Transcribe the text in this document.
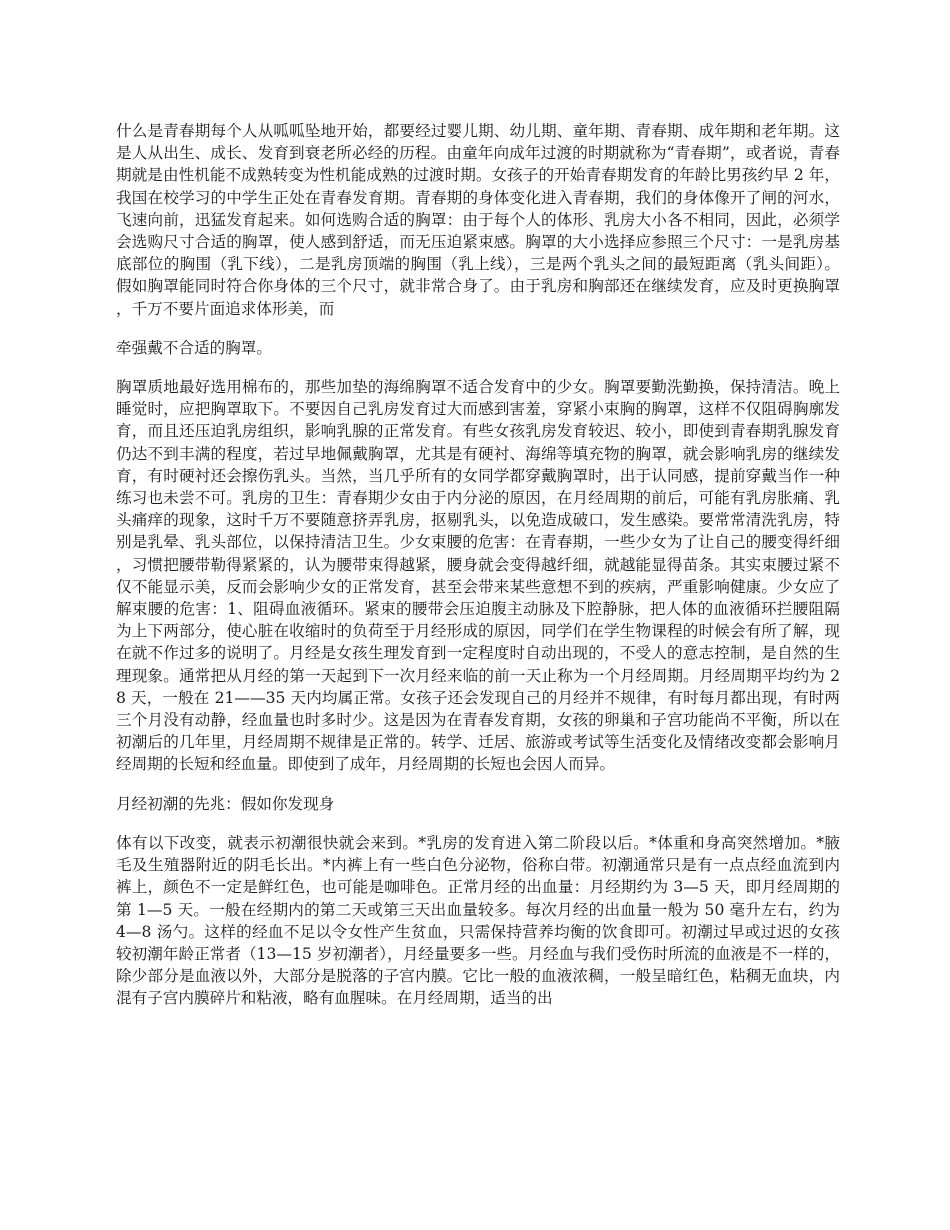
什么是青春期每个人从呱呱坠地开始，都要经过婴儿期、幼儿期、童年期、青春期、成年期和老年期。这是人从出生、成长、发育到衰老所必经的历程。由童年向成年过渡的时期就称为“青春期”，或者说，青春期就是由性机能不成熟转变为性机能成熟的过渡时期。女孩子的开始青春期发育的年龄比男孩约早 2 年，我国在校学习的中学生正处在青春发育期。青春期的身体变化进入青春期，我们的身体像开了闸的河水，飞速向前，迅猛发育起来。如何选购合适的胸罩：由于每个人的体形、乳房大小各不相同，因此，必须学会选购尺寸合适的胸罩，使人感到舒适，而无压迫紧束感。胸罩的大小选择应参照三个尺寸：一是乳房基底部位的胸围（乳下线），二是乳房顶端的胸围（乳上线），三是两个乳头之间的最短距离（乳头间距）。假如胸罩能同时符合你身体的三个尺寸，就非常合身了。由于乳房和胸部还在继续发育，应及时更换胸罩，千万不要片面追求体形美，而

牵强戴不合适的胸罩。

胸罩质地最好选用棉布的，那些加垫的海绵胸罩不适合发育中的少女。胸罩要勤洗勤换，保持清洁。晚上睡觉时，应把胸罩取下。不要因自己乳房发育过大而感到害羞，穿紧小束胸的胸罩，这样不仅阻碍胸廓发育，而且还压迫乳房组织，影响乳腺的正常发育。有些女孩乳房发育较迟、较小，即使到青春期乳腺发育仍达不到丰满的程度，若过早地佩戴胸罩，尤其是有硬衬、海绵等填充物的胸罩，就会影响乳房的继续发育，有时硬衬还会擦伤乳头。当然，当几乎所有的女同学都穿戴胸罩时，出于认同感，提前穿戴当作一种练习也未尝不可。乳房的卫生：青春期少女由于内分泌的原因，在月经周期的前后，可能有乳房胀痛、乳头痛痒的现象，这时千万不要随意挤弄乳房，抠剔乳头，以免造成破口，发生感染。要常常清洗乳房，特别是乳晕、乳头部位，以保持清洁卫生。少女束腰的危害：在青春期，一些少女为了让自己的腰变得纤细，习惯把腰带勒得紧紧的，认为腰带束得越紧，腰身就会变得越纤细，就越能显得苗条。其实束腰过紧不仅不能显示美，反而会影响少女的正常发育，甚至会带来某些意想不到的疾病，严重影响健康。少女应了解束腰的危害：1、阻碍血液循环。紧束的腰带会压迫腹主动脉及下腔静脉，把人体的血液循环拦腰阻隔为上下两部分，使心脏在收缩时的负荷至于月经形成的原因，同学们在学生物课程的时候会有所了解，现在就不作过多的说明了。月经是女孩生理发育到一定程度时自动出现的，不受人的意志控制，是自然的生理现象。通常把从月经的第一天起到下一次月经来临的前一天止称为一个月经周期。月经周期平均约为 28 天，一般在 21——35 天内均属正常。女孩子还会发现自己的月经并不规律，有时每月都出现，有时两三个月没有动静，经血量也时多时少。这是因为在青春发育期，女孩的卵巢和子宫功能尚不平衡，所以在初潮后的几年里，月经周期不规律是正常的。转学、迁居、旅游或考试等生活变化及情绪改变都会影响月经周期的长短和经血量。即使到了成年，月经周期的长短也会因人而异。

月经初潮的先兆：假如你发现身

体有以下改变，就表示初潮很快就会来到。*乳房的发育进入第二阶段以后。*体重和身高突然增加。*腋毛及生殖器附近的阴毛长出。*内裤上有一些白色分泌物，俗称白带。初潮通常只是有一点点经血流到内裤上，颜色不一定是鲜红色，也可能是咖啡色。正常月经的出血量：月经期约为 3—5 天，即月经周期的第 1—5 天。一般在经期内的第二天或第三天出血量较多。每次月经的出血量一般为 50 毫升左右，约为 4—8 汤勺。这样的经血不足以令女性产生贫血，只需保持营养均衡的饮食即可。初潮过早或过迟的女孩较初潮年龄正常者（13—15 岁初潮者），月经量要多一些。月经血与我们受伤时所流的血液是不一样的，除少部分是血液以外，大部分是脱落的子宫内膜。它比一般的血液浓稠，一般呈暗红色，粘稠无血块，内混有子宫内膜碎片和粘液，略有血腥味。在月经周期，适当的出
